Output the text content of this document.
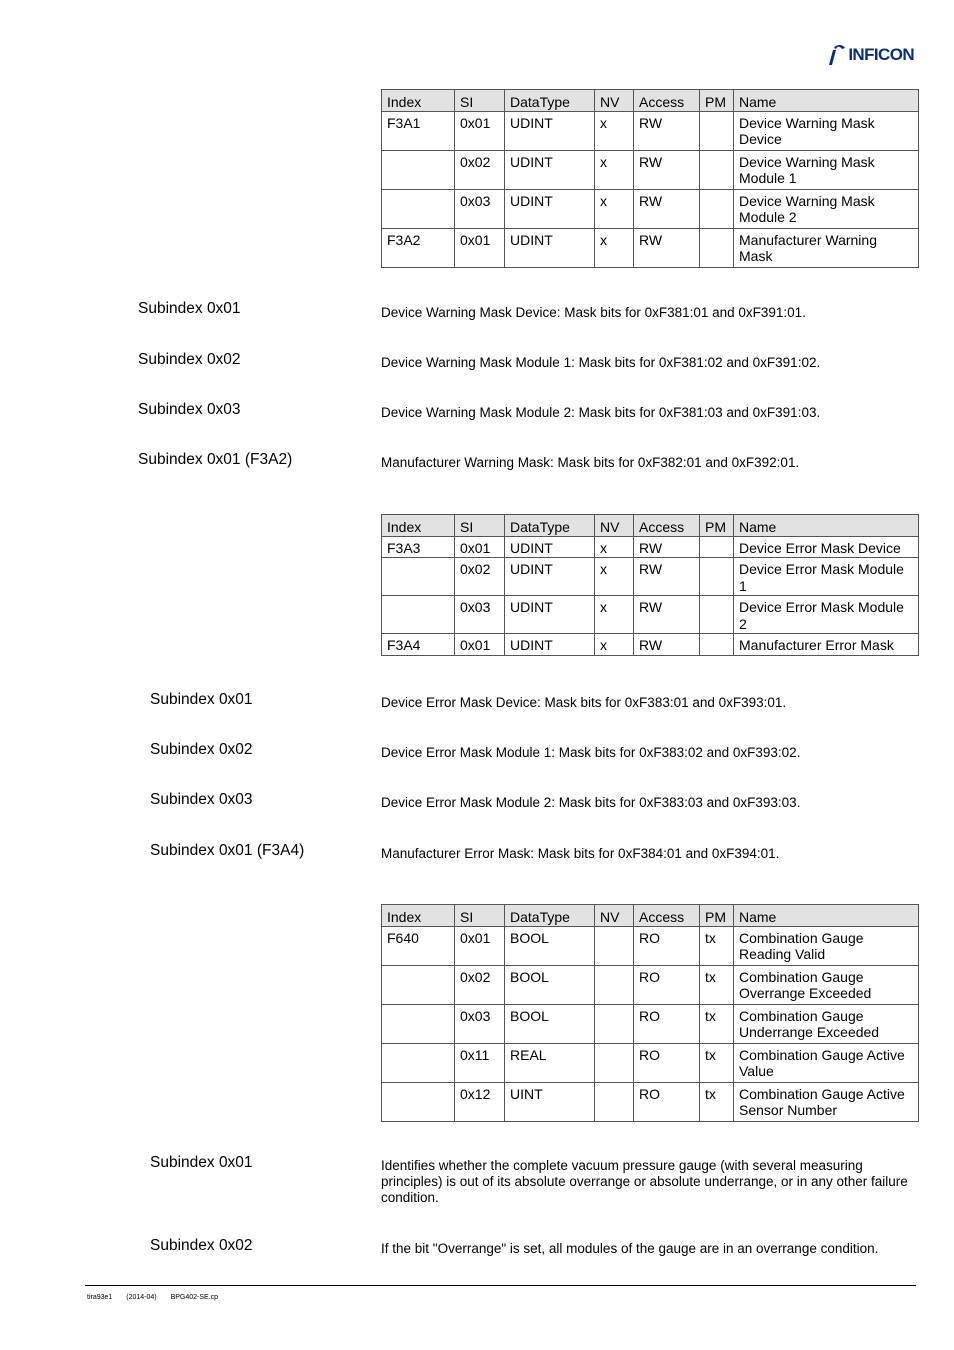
INFICON
Index	SI	DataType	NV	Access	PM	Name
F3A1	0x01	UDINT	x	RW		Device Warning Mask Device
	0x02	UDINT	x	RW		Device Warning Mask Module 1
	0x03	UDINT	x	RW		Device Warning Mask Module 2
F3A2	0x01	UDINT	x	RW		Manufacturer Warning Mask
Subindex 0x01	Device Warning Mask Device: Mask bits for 0xF381:01 and 0xF391:01.
Subindex 0x02	Device Warning Mask Module 1: Mask bits for 0xF381:02 and 0xF391:02.
Subindex 0x03	Device Warning Mask Module 2: Mask bits for 0xF381:03 and 0xF391:03.
Subindex 0x01 (F3A2)	Manufacturer Warning Mask: Mask bits for 0xF382:01 and 0xF392:01.
Index	SI	DataType	NV	Access	PM	Name
F3A3	0x01	UDINT	x	RW		Device Error Mask Device
	0x02	UDINT	x	RW		Device Error Mask Module 1
	0x03	UDINT	x	RW		Device Error Mask Module 2
F3A4	0x01	UDINT	x	RW		Manufacturer Error Mask
Subindex 0x01	Device Error Mask Device: Mask bits for 0xF383:01 and 0xF393:01.
Subindex 0x02	Device Error Mask Module 1: Mask bits for 0xF383:02 and 0xF393:02.
Subindex 0x03	Device Error Mask Module 2: Mask bits for 0xF383:03 and 0xF393:03.
Subindex 0x01 (F3A4)	Manufacturer Error Mask: Mask bits for 0xF384:01 and 0xF394:01.
Index	SI	DataType	NV	Access	PM	Name
F640	0x01	BOOL		RO	tx	Combination Gauge Reading Valid
	0x02	BOOL		RO	tx	Combination Gauge Overrange Exceeded
	0x03	BOOL		RO	tx	Combination Gauge Underrange Exceeded
	0x11	REAL		RO	tx	Combination Gauge Active Value
	0x12	UINT		RO	tx	Combination Gauge Active Sensor Number
Subindex 0x01	Identifies whether the complete vacuum pressure gauge (with several measuring principles) is out of its absolute overrange or absolute underrange, or in any other failure condition.
Subindex 0x02	If the bit "Overrange" is set, all modules of the gauge are in an overrange condition.
tira93e1 (2014-04) BPG402-SE.cp
